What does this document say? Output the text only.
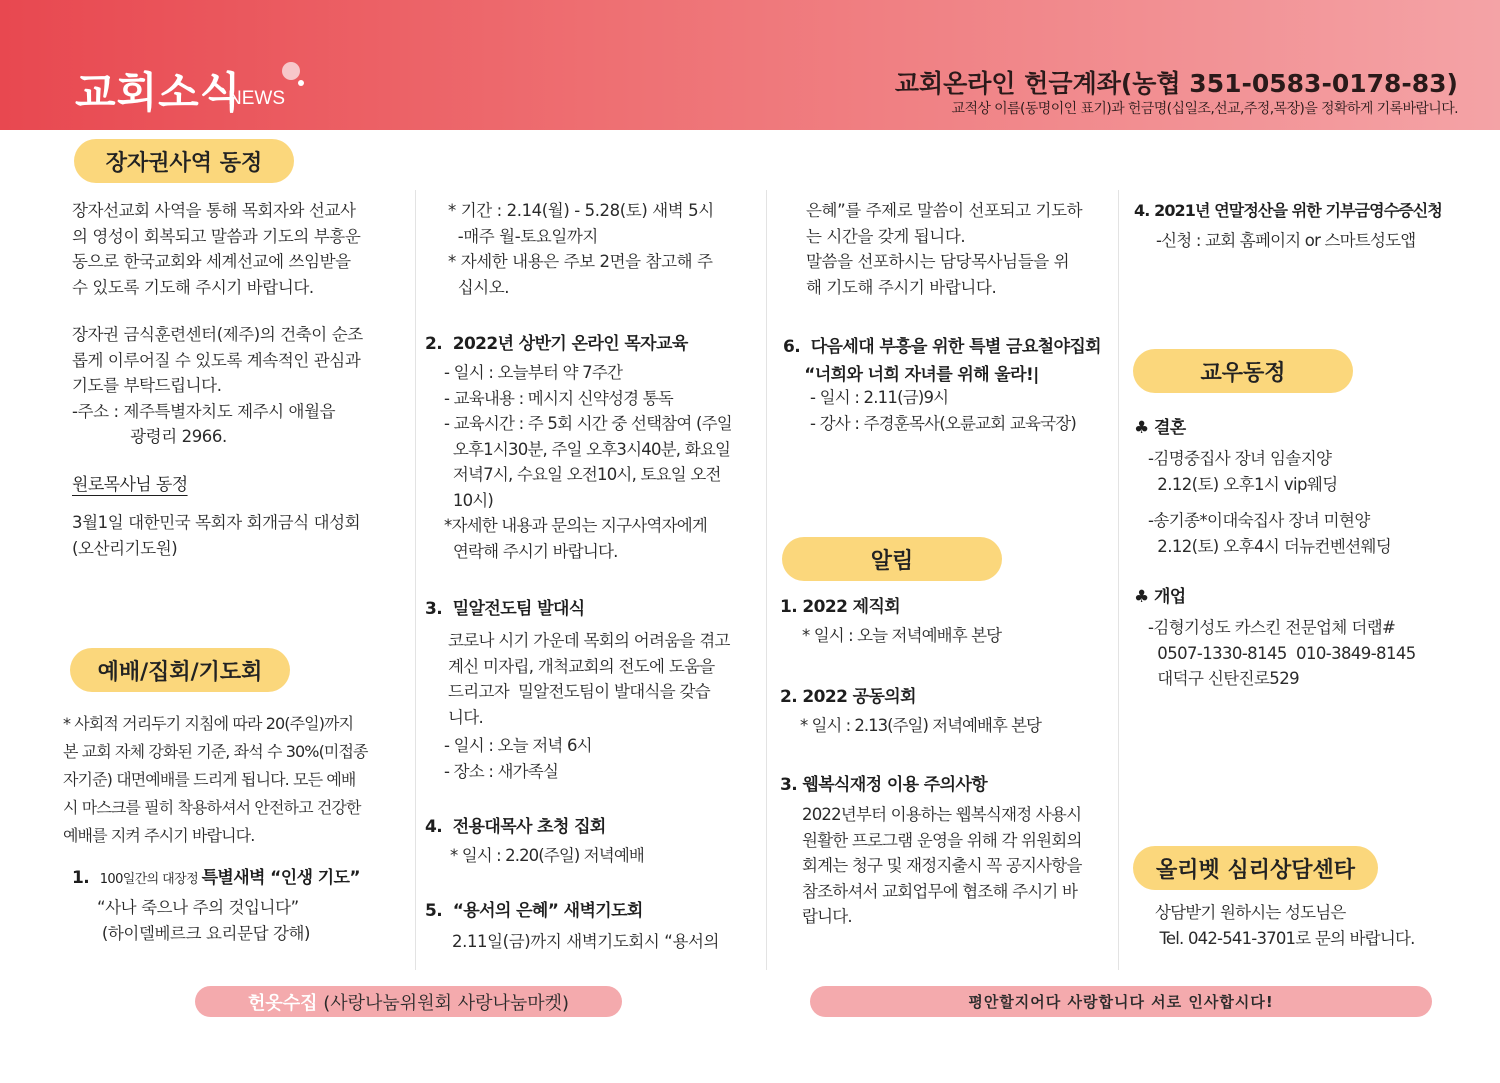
교회소식
NEWS
교회온라인 헌금계좌(농협 351-0583-0178-83)
교적상 이름(동명이인 표기)과 헌금명(십일조,선교,주정,목장)을 정확하게 기록바랍니다.
장자권사역 동정
장자선교회 사역을 통해 목회자와 선교사
의 영성이 회복되고 말씀과 기도의 부흥운
동으로 한국교회와 세계선교에 쓰임받을
수 있도록 기도해 주시기 바랍니다.
장자권 금식훈련센터(제주)의 건축이 순조
롭게 이루어질 수 있도록 계속적인 관심과
기도를 부탁드립니다.
-주소 : 제주특별자치도 제주시 애월읍
광령리 2966.
원로목사님 동정
3월1일 대한민국 목회자 회개금식 대성회
(오산리기도원)
예배/집회/기도회
* 사회적 거리두기 지침에 따라 20(주일)까지
본 교회 자체 강화된 기준, 좌석 수 30%(미접종
자기준) 대면예배를 드리게 됩니다. 모든 예배
시 마스크를 필히 착용하셔서 안전하고 건강한
예배를 지켜 주시기 바랍니다.
1. 100일간의 대장정 특별새벽 “인생 기도”
“사나 죽으나 주의 것입니다”
(하이델베르크 요리문답 강해)
* 기간 : 2.14(월) - 5.28(토) 새벽 5시
-매주 월-토요일까지
* 자세한 내용은 주보 2면을 참고해 주
십시오.
2.  2022년 상반기 온라인 목자교육
- 일시 : 오늘부터 약 7주간
- 교육내용 : 메시지 신약성경 통독
- 교육시간 : 주 5회 시간 중 선택참여 (주일
오후1시30분, 주일 오후3시40분, 화요일
저녁7시, 수요일 오전10시, 토요일 오전
10시)
*자세한 내용과 문의는 지구사역자에게
연락해 주시기 바랍니다.
3.  밀알전도팀 발대식
코로나 시기 가운데 목회의 어려움을 겪고
계신 미자립, 개척교회의 전도에 도움을
드리고자  밀알전도팀이 발대식을 갖습
니다.
- 일시 : 오늘 저녁 6시
- 장소 : 새가족실
4.  전용대목사 초청 집회
* 일시 : 2.20(주일) 저녁예배
5.  “용서의 은혜” 새벽기도회
2.11일(금)까지 새벽기도회시 “용서의
은혜”를 주제로 말씀이 선포되고 기도하
는 시간을 갖게 됩니다.
말씀을 선포하시는 담당목사님들을 위
해 기도해 주시기 바랍니다.
6.  다음세대 부흥을 위한 특별 금요철야집회
“너희와 너희 자녀를 위해 울라!|
- 일시 : 2.11(금)9시
- 강사 : 주경훈목사(오륜교회 교육국장)
알림
1. 2022 제직회
* 일시 : 오늘 저녁예배후 본당
2. 2022 공동의회
* 일시 : 2.13(주일) 저녁예배후 본당
3. 웹복식재정 이용 주의사항
2022년부터 이용하는 웹복식재정 사용시
원활한 프로그램 운영을 위해 각 위원회의
회계는 청구 및 재정지출시 꼭 공지사항을
참조하셔서 교회업무에 협조해 주시기 바
랍니다.
4. 2021년 연말정산을 위한 기부금영수증신청
-신청 : 교회 홈페이지 or 스마트성도앱
교우동정
♣ 결혼
-김명중집사 장녀 임솔지양
2.12(토) 오후1시 vip웨딩
-송기종*이대숙집사 장녀 미현양
2.12(토) 오후4시 더뉴컨벤션웨딩
♣ 개업
-김형기성도 카스킨 전문업체 더랩#
0507-1330-8145  010-3849-8145
대덕구 신탄진로529
올리벳 심리상담센타
상담받기 원하시는 성도님은
Tel. 042-541-3701로 문의 바랍니다.
헌옷수집 (사랑나눔위원회 사랑나눔마켓)	평안할지어다 사랑합니다 서로 인사합시다!
